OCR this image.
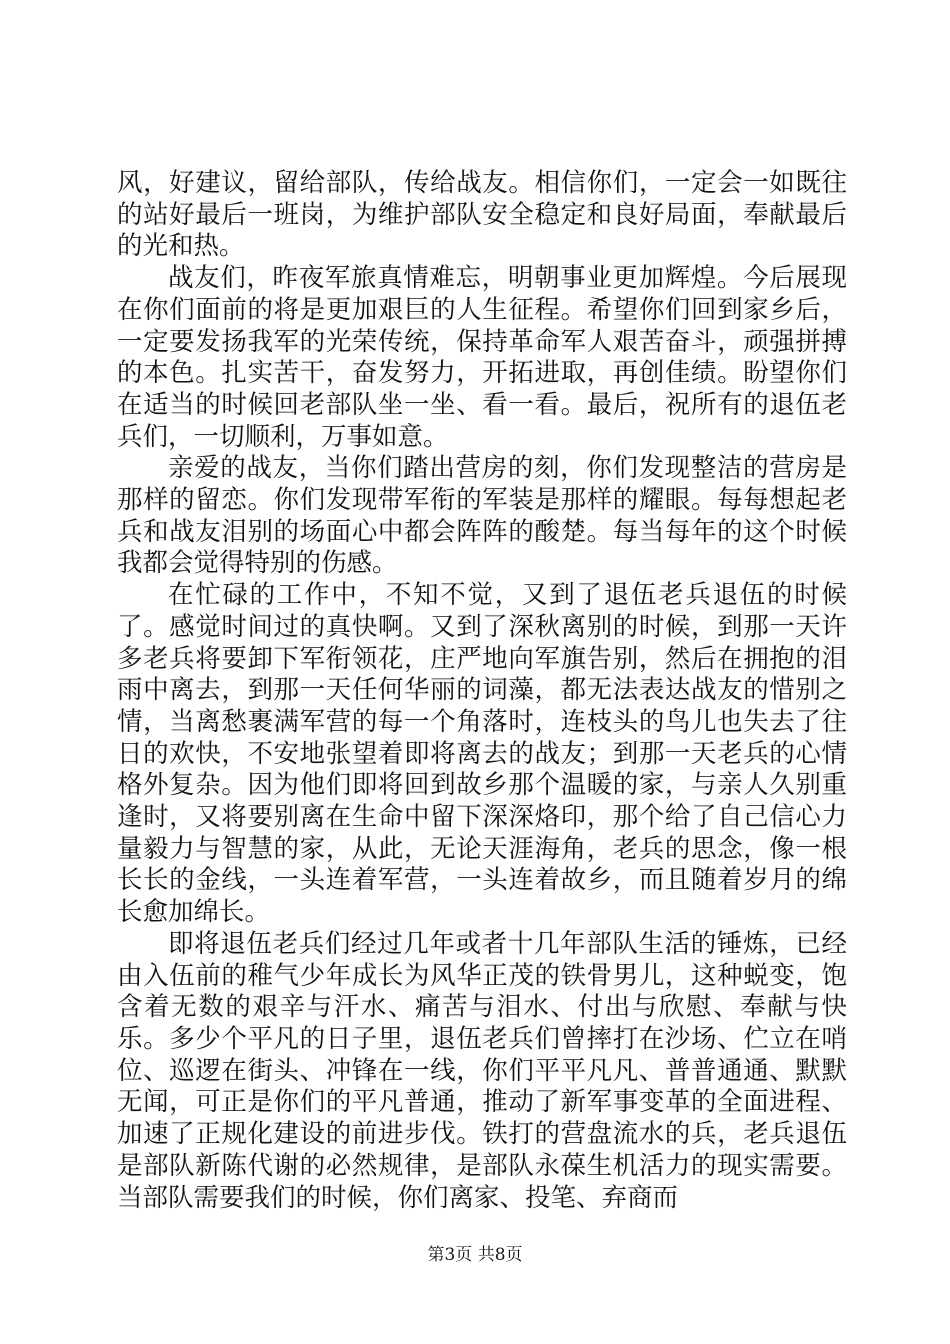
风，好建议，留给部队，传给战友。相信你们，一定会一如既往的站好最后一班岗，为维护部队安全稳定和良好局面，奉献最后的光和热。

战友们，昨夜军旅真情难忘，明朝事业更加辉煌。今后展现在你们面前的将是更加艰巨的人生征程。希望你们回到家乡后，一定要发扬我军的光荣传统，保持革命军人艰苦奋斗，顽强拼搏的本色。扎实苦干，奋发努力，开拓进取，再创佳绩。盼望你们在适当的时候回老部队坐一坐、看一看。最后，祝所有的退伍老兵们，一切顺利，万事如意。

亲爱的战友，当你们踏出营房的刻，你们发现整洁的营房是那样的留恋。你们发现带军衔的军装是那样的耀眼。每每想起老兵和战友泪别的场面心中都会阵阵的酸楚。每当每年的这个时候我都会觉得特别的伤感。

在忙碌的工作中，不知不觉，又到了退伍老兵退伍的时候了。感觉时间过的真快啊。又到了深秋离别的时候，到那一天许多老兵将要卸下军衔领花，庄严地向军旗告别，然后在拥抱的泪雨中离去，到那一天任何华丽的词藻，都无法表达战友的惜别之情，当离愁裹满军营的每一个角落时，连枝头的鸟儿也失去了往日的欢快，不安地张望着即将离去的战友；到那一天老兵的心情格外复杂。因为他们即将回到故乡那个温暖的家，与亲人久别重逢时，又将要别离在生命中留下深深烙印，那个给了自己信心力量毅力与智慧的家，从此，无论天涯海角，老兵的思念，像一根长长的金线，一头连着军营，一头连着故乡，而且随着岁月的绵长愈加绵长。

即将退伍老兵们经过几年或者十几年部队生活的锤炼，已经由入伍前的稚气少年成长为风华正茂的铁骨男儿，这种蜕变，饱含着无数的艰辛与汗水、痛苦与泪水、付出与欣慰、奉献与快乐。多少个平凡的日子里，退伍老兵们曾摔打在沙场、伫立在哨位、巡逻在街头、冲锋在一线，你们平平凡凡、普普通通、默默无闻，可正是你们的平凡普通，推动了新军事变革的全面进程、加速了正规化建设的前进步伐。铁打的营盘流水的兵，老兵退伍是部队新陈代谢的必然规律，是部队永葆生机活力的现实需要。当部队需要我们的时候，你们离家、投笔、弃商而

第3页 共8页
